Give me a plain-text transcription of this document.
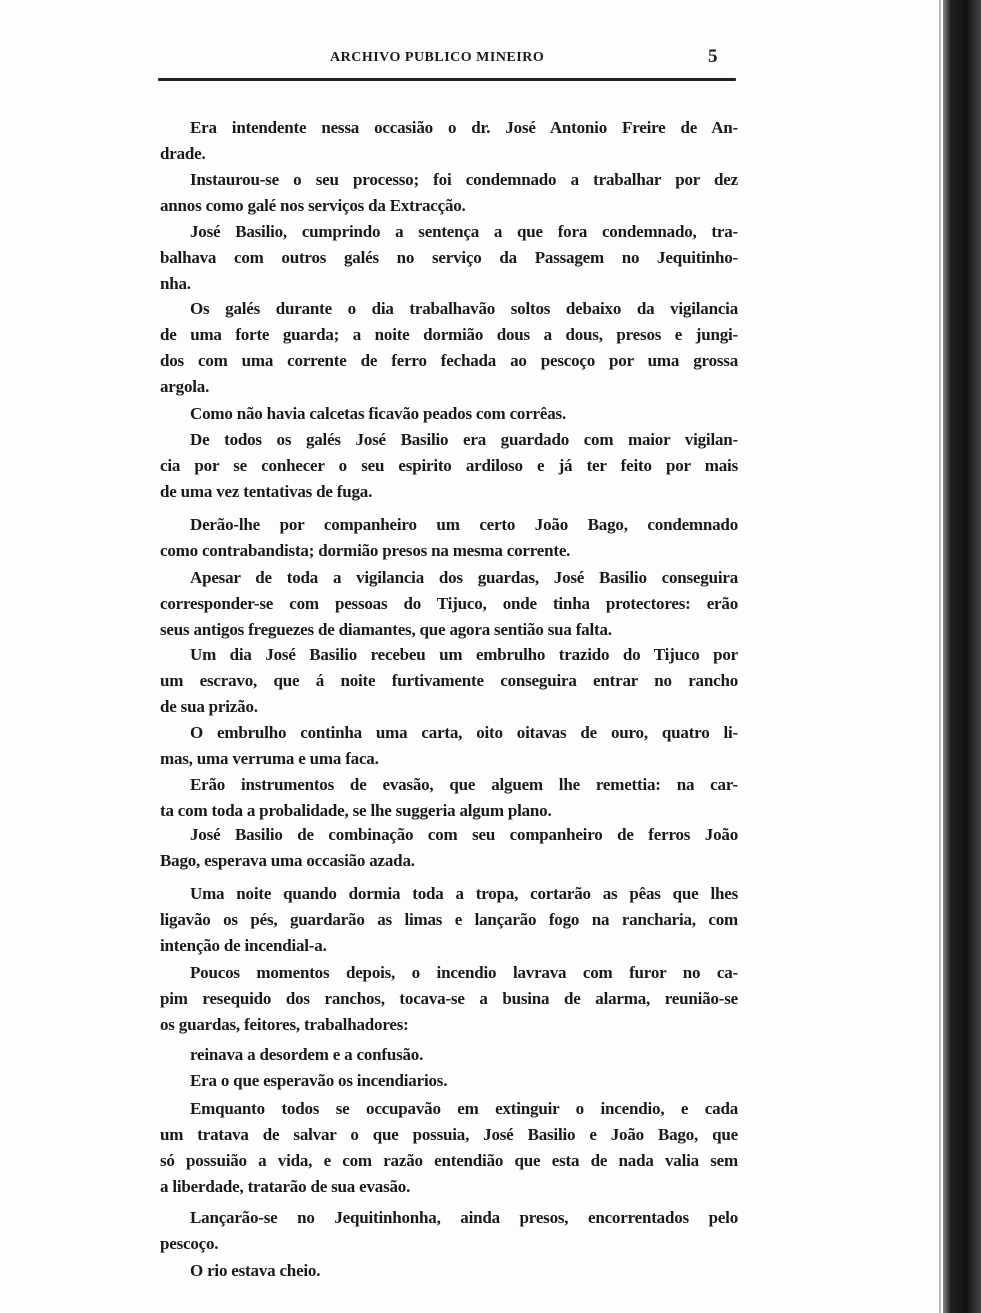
ARCHIVO PUBLICO MINEIRO	5
Era intendente nessa occasião o dr. José Antonio Freire de An-
drade.
Instaurou-se o seu processo; foi condemnado a trabalhar por dez
annos como galé nos serviços da Extracção.
José Basilio, cumprindo a sentença a que fora condemnado, tra-
balhava com outros galés no serviço da Passagem no Jequitinho-
nha.
Os galés durante o dia trabalhavão soltos debaixo da vigilancia
de uma forte guarda; a noite dormião dous a dous, presos e jungi-
dos com uma corrente de ferro fechada ao pescoço por uma grossa
argola.
Como não havia calcetas ficavão peados com corrêas.
De todos os galés José Basilio era guardado com maior vigilan-
cia por se conhecer o seu espirito ardiloso e já ter feito por mais
de uma vez tentativas de fuga.
Derão-lhe por companheiro um certo João Bago, condemnado
como contrabandista; dormião presos na mesma corrente.
Apesar de toda a vigilancia dos guardas, José Basilio conseguira
corresponder-se com pessoas do Tijuco, onde tinha protectores: erão
seus antigos freguezes de diamantes, que agora sentião sua falta.
Um dia José Basilio recebeu um embrulho trazido do Tijuco por
um escravo, que á noite furtivamente conseguira entrar no rancho
de sua prizão.
O embrulho continha uma carta, oito oitavas de ouro, quatro li-
mas, uma verruma e uma faca.
Erão instrumentos de evasão, que alguem lhe remettia: na car-
ta com toda a probalidade, se lhe suggeria algum plano.
José Basilio de combinação com seu companheiro de ferros João
Bago, esperava uma occasião azada.
Uma noite quando dormia toda a tropa, cortarão as pêas que lhes
ligavão os pés, guardarão as limas e lançarão fogo na rancharia, com
intenção de incendial-a.
Poucos momentos depois, o incendio lavrava com furor no ca-
pim resequido dos ranchos, tocava-se a busina de alarma, reunião-se
os guardas, feitores, trabalhadores:
reinava a desordem e a confusão.
Era o que esperavão os incendiarios.
Emquanto todos se occupavão em extinguir o incendio, e cada
um tratava de salvar o que possuia, José Basilio e João Bago, que
só possuião a vida, e com razão entendião que esta de nada valia sem
a liberdade, tratarão de sua evasão.
Lançarão-se no Jequitinhonha, ainda presos, encorrentados pelo
pescoço.
O rio estava cheio.
